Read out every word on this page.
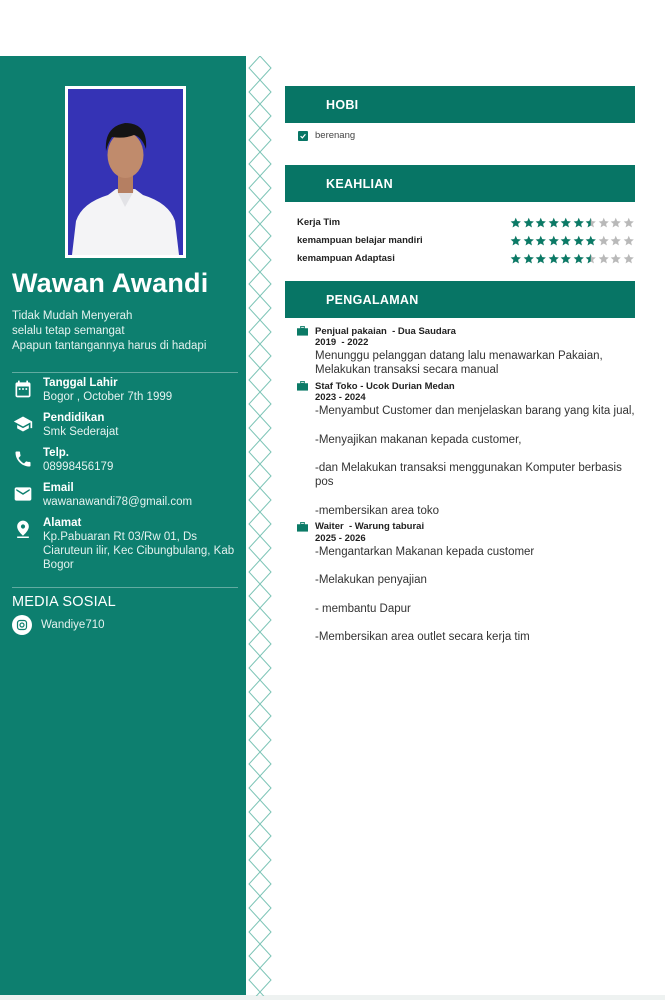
Wawan Awandi
Tidak Mudah Menyerah
selalu tetap semangat
Apapun tantangannya harus di hadapi
Tanggal Lahir
Bogor , October 7th 1999
Pendidikan
Smk Sederajat
Telp.
08998456179
Email
wawanawandi78@gmail.com
Alamat
Kp.Pabuaran Rt 03/Rw 01, Ds
Ciaruteun ilir, Kec Cibungbulang, Kab
Bogor
MEDIA SOSIAL
Wandiye710
HOBI
berenang
KEAHLIAN
Kerja Tim
kemampuan belajar mandiri
kemampuan Adaptasi
PENGALAMAN
Penjual pakaian  - Dua Saudara
2019  - 2022

Menunggu pelanggan datang lalu menawarkan Pakaian,

Melakukan transaksi secara manual

Staf Toko - Ucok Durian Medan
2023 - 2024

-Menyambut Customer dan menjelaskan barang yang kita jual,

-Menyajikan makanan kepada customer,

-dan Melakukan transaksi menggunakan Komputer berbasis

pos

-membersikan area toko

Waiter  - Warung taburai
2025 - 2026

-Mengantarkan Makanan kepada customer

-Melakukan penyajian

- membantu Dapur

-Membersikan area outlet secara kerja tim
